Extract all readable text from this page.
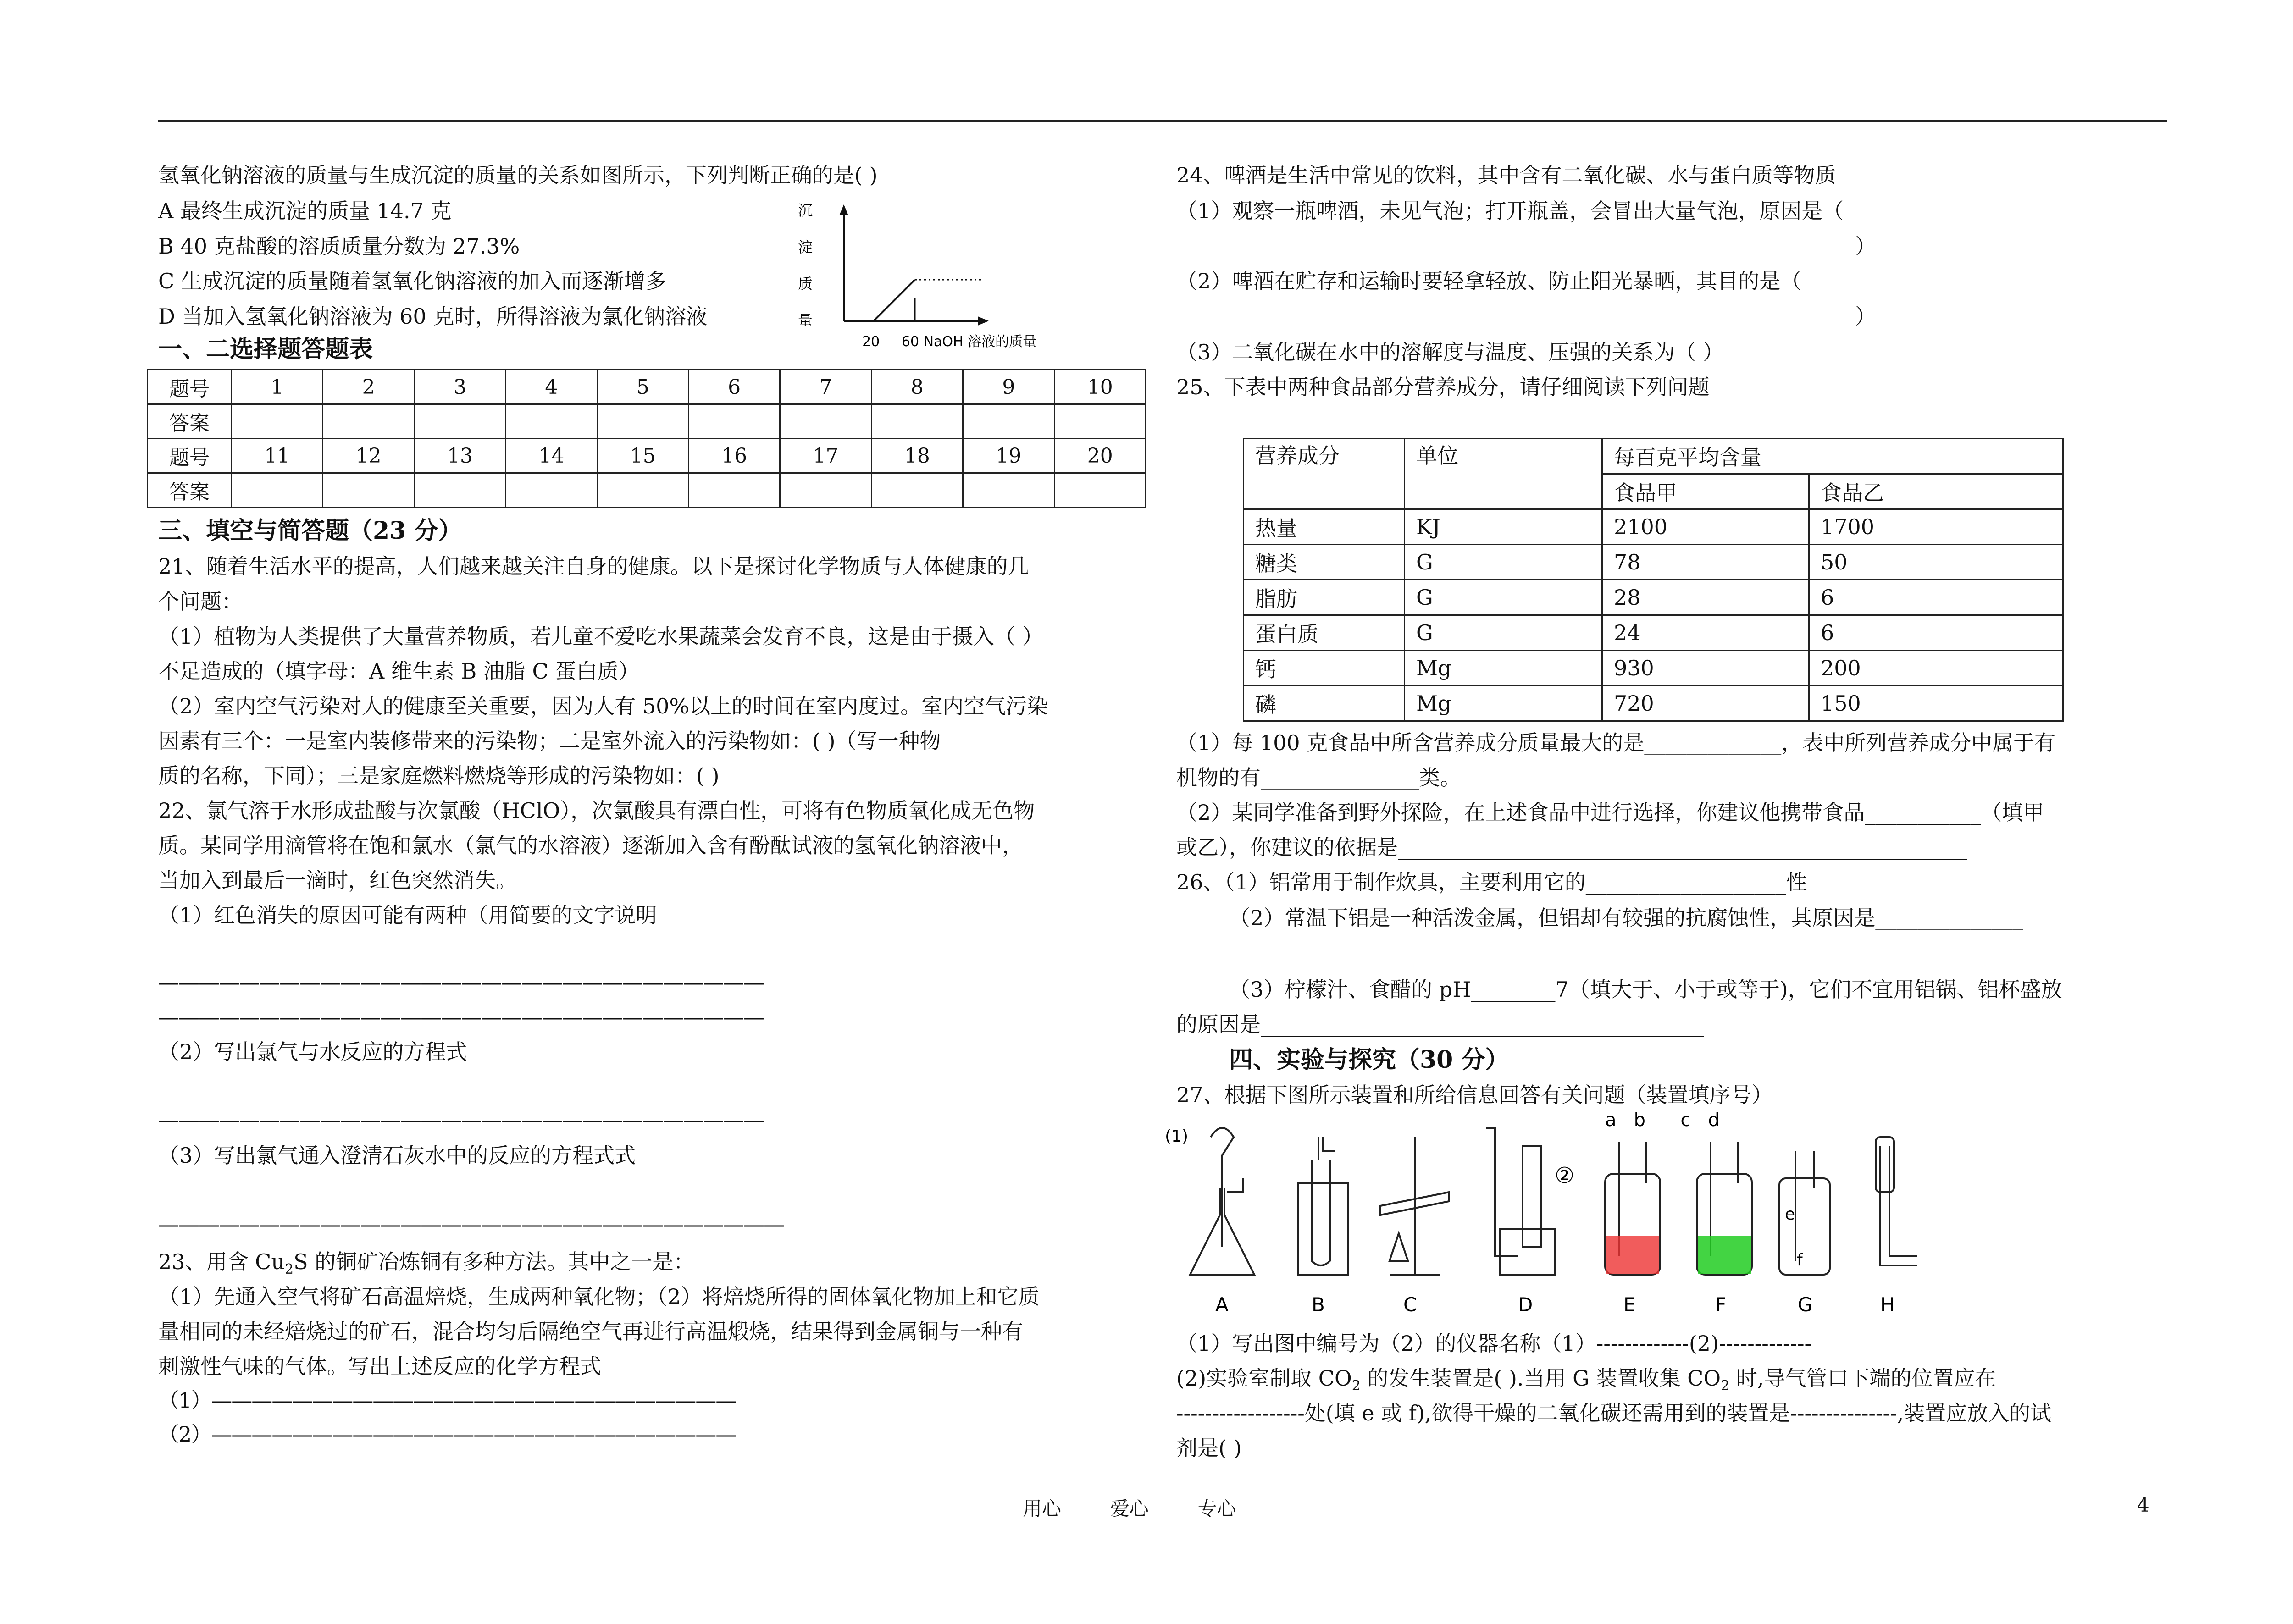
氢氧化钠溶液的质量与生成沉淀的质量的关系如图所示，下列判断正确的是( )
A 最终生成沉淀的质量 14.7 克
B 40 克盐酸的溶质质量分数为 27.3%
C 生成沉淀的质量随着氢氧化钠溶液的加入而逐渐增多
D 当加入氢氧化钠溶液为 60 克时，所得溶液为氯化钠溶液
沉
淀
质
量
20     60 NaOH 溶液的质量
一、二选择题答题表
题号	1	2	3	4	5	6	7	8	9	10
答案										
题号	11	12	13	14	15	16	17	18	19	20
答案										
三、填空与简答题（23 分）
21、随着生活水平的提高，人们越来越关注自身的健康。以下是探讨化学物质与人体健康的几
个问题：
（1）植物为人类提供了大量营养物质，若儿童不爱吃水果蔬菜会发育不良，这是由于摄入（ ）
不足造成的（填字母：A 维生素 B 油脂 C 蛋白质）
（2）室内空气污染对人的健康至关重要，因为人有 50%以上的时间在室内度过。室内空气污染
因素有三个：一是室内装修带来的污染物；二是室外流入的污染物如：( )（写一种物
质的名称，下同）；三是家庭燃料燃烧等形成的污染物如：( )
22、氯气溶于水形成盐酸与次氯酸（HClO），次氯酸具有漂白性，可将有色物质氧化成无色物
质。某同学用滴管将在饱和氯水（氯气的水溶液）逐渐加入含有酚酞试液的氢氧化钠溶液中，
当加入到最后一滴时，红色突然消失。
（1）红色消失的原因可能有两种（用简要的文字说明
——————————————————————————————
——————————————————————————————
（2）写出氯气与水反应的方程式
——————————————————————————————
（3）写出氯气通入澄清石灰水中的反应的方程式式
———————————————————————————————
23、用含 $Cu_2S$ 的铜矿冶炼铜有多种方法。其中之一是：
（1）先通入空气将矿石高温焙烧，生成两种氧化物；（2）将焙烧所得的固体氧化物加上和它质
量相同的未经焙烧过的矿石，混合均匀后隔绝空气再进行高温煅烧，结果得到金属铜与一种有
刺激性气味的气体。写出上述反应的化学方程式
（1）——————————————————————————
（2）——————————————————————————
24、啤酒是生活中常见的饮料，其中含有二氧化碳、水与蛋白质等物质
（1）观察一瓶啤酒，未见气泡；打开瓶盖，会冒出大量气泡，原因是（
）
（2）啤酒在贮存和运输时要轻拿轻放、防止阳光暴晒，其目的是（
）
（3）二氧化碳在水中的溶解度与温度、压强的关系为（ ）
25、下表中两种食品部分营养成分，请仔细阅读下列问题
营养成分	单位	每百克平均含量	
		食品甲	食品乙
热量	KJ	2100	1700
糖类	G	78	50
脂肪	G	28	6
蛋白质	G	24	6
钙	Mg	930	200
磷	Mg	720	150
（1）每 100 克食品中所含营养成分质量最大的是_____________，表中所列营养成分中属于有
机物的有_______________类。
（2）某同学准备到野外探险，在上述食品中进行选择，你建议他携带食品___________（填甲
或乙），你建议的依据是______________________________________________________
26、（1）铝常用于制作炊具，主要利用它的___________________性
（2）常温下铝是一种活泼金属，但铝却有较强的抗腐蚀性，其原因是______________
______________________________________________
（3）柠檬汁、食醋的 pH________7（填大于、小于或等于)，它们不宜用铝锅、铝杯盛放
的原因是__________________________________________
四、实验与探究（30 分）
27、根据下图所示装置和所给信息回答有关问题（装置填序号）
(1)
②
a   b      c   d
e
f
A	B	C	D	E	F	G	H
（1）写出图中编号为（2）的仪器名称（1）-------------(2)-------------
(2)实验室制取 $CO_2$ 的发生装置是( ).当用 G 装置收集 $CO_2$ 时,导气管口下端的位置应在
------------------处(填 e 或 f),欲得干燥的二氧化碳还需用到的装置是---------------,装置应放入的试
剂是( )
用心        爱心        专心	4
